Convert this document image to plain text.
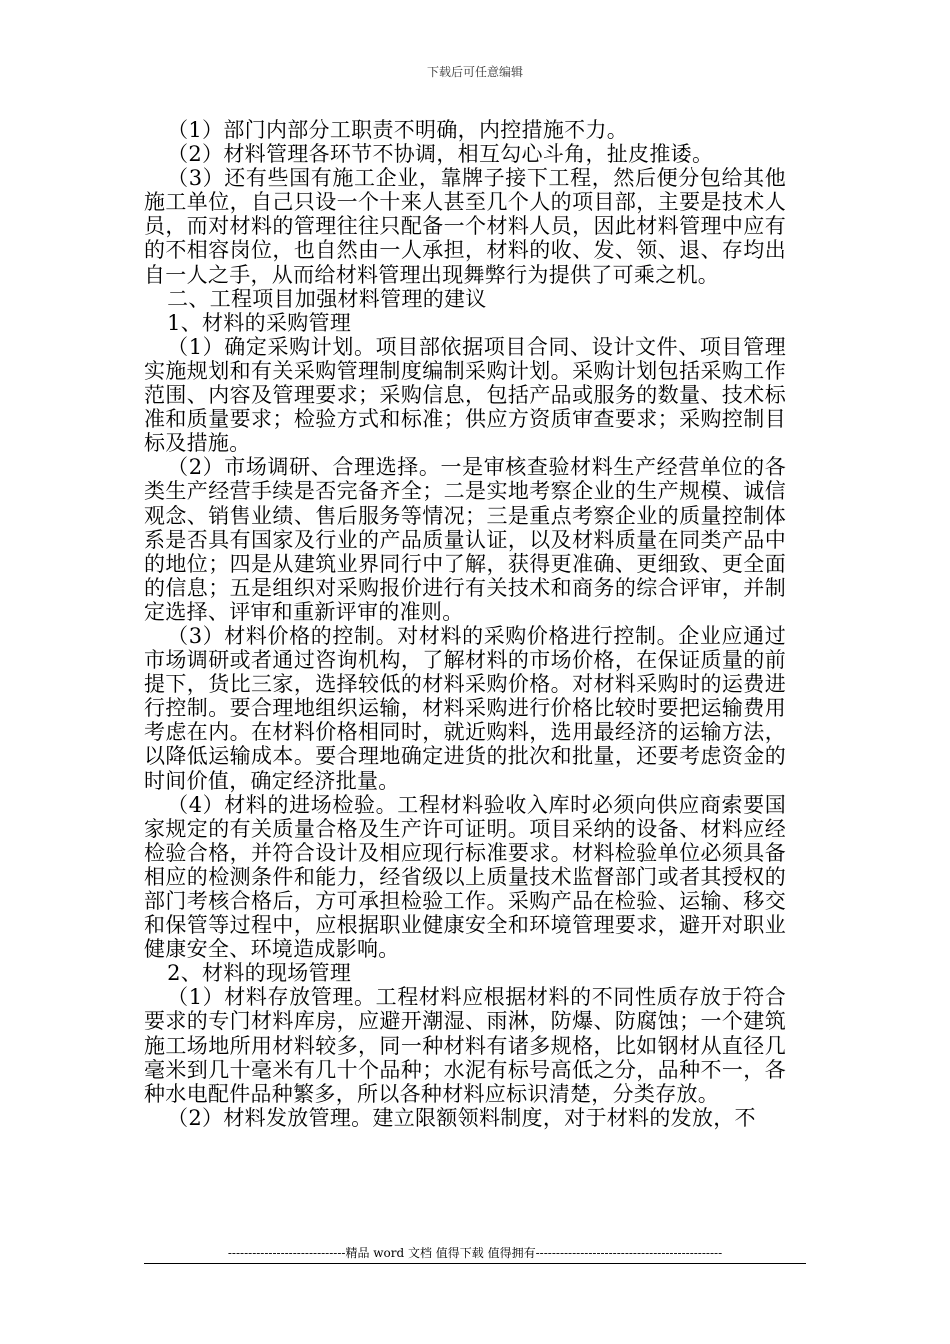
下载后可任意编辑

（1）部门内部分工职责不明确，内控措施不力。

（2）材料管理各环节不协调，相互勾心斗角，扯皮推诿。

（3）还有些国有施工企业，靠牌子接下工程，然后便分包给其他施工单位，自己只设一个十来人甚至几个人的项目部，主要是技术人员，而对材料的管理往往只配备一个材料人员，因此材料管理中应有的不相容岗位，也自然由一人承担，材料的收、发、领、退、存均出自一人之手，从而给材料管理出现舞弊行为提供了可乘之机。

二、工程项目加强材料管理的建议

1、材料的采购管理

（1）确定采购计划。项目部依据项目合同、设计文件、项目管理实施规划和有关采购管理制度编制采购计划。采购计划包括采购工作范围、内容及管理要求；采购信息，包括产品或服务的数量、技术标准和质量要求；检验方式和标准；供应方资质审查要求；采购控制目标及措施。

（2）市场调研、合理选择。一是审核查验材料生产经营单位的各类生产经营手续是否完备齐全；二是实地考察企业的生产规模、诚信观念、销售业绩、售后服务等情况；三是重点考察企业的质量控制体系是否具有国家及行业的产品质量认证，以及材料质量在同类产品中的地位；四是从建筑业界同行中了解，获得更准确、更细致、更全面的信息；五是组织对采购报价进行有关技术和商务的综合评审，并制定选择、评审和重新评审的准则。

（3）材料价格的控制。对材料的采购价格进行控制。企业应通过市场调研或者通过咨询机构，了解材料的市场价格，在保证质量的前提下，货比三家，选择较低的材料采购价格。对材料采购时的运费进行控制。要合理地组织运输，材料采购进行价格比较时要把运输费用考虑在内。在材料价格相同时，就近购料，选用最经济的运输方法，以降低运输成本。要合理地确定进货的批次和批量，还要考虑资金的时间价值，确定经济批量。

（4）材料的进场检验。工程材料验收入库时必须向供应商索要国家规定的有关质量合格及生产许可证明。项目采纳的设备、材料应经检验合格，并符合设计及相应现行标准要求。材料检验单位必须具备相应的检测条件和能力，经省级以上质量技术监督部门或者其授权的部门考核合格后，方可承担检验工作。采购产品在检验、运输、移交和保管等过程中，应根据职业健康安全和环境管理要求，避开对职业健康安全、环境造成影响。

2、材料的现场管理

（1）材料存放管理。工程材料应根据材料的不同性质存放于符合要求的专门材料库房，应避开潮湿、雨淋，防爆、防腐蚀；一个建筑施工场地所用材料较多，同一种材料有诸多规格，比如钢材从直径几毫米到几十毫米有几十个品种；水泥有标号高低之分，品种不一，各种水电配件品种繁多，所以各种材料应标识清楚，分类存放。

（2）材料发放管理。建立限额领料制度，对于材料的发放，不

-----------------------------精品 word 文档 值得下载 值得拥有----------------------------------------------
